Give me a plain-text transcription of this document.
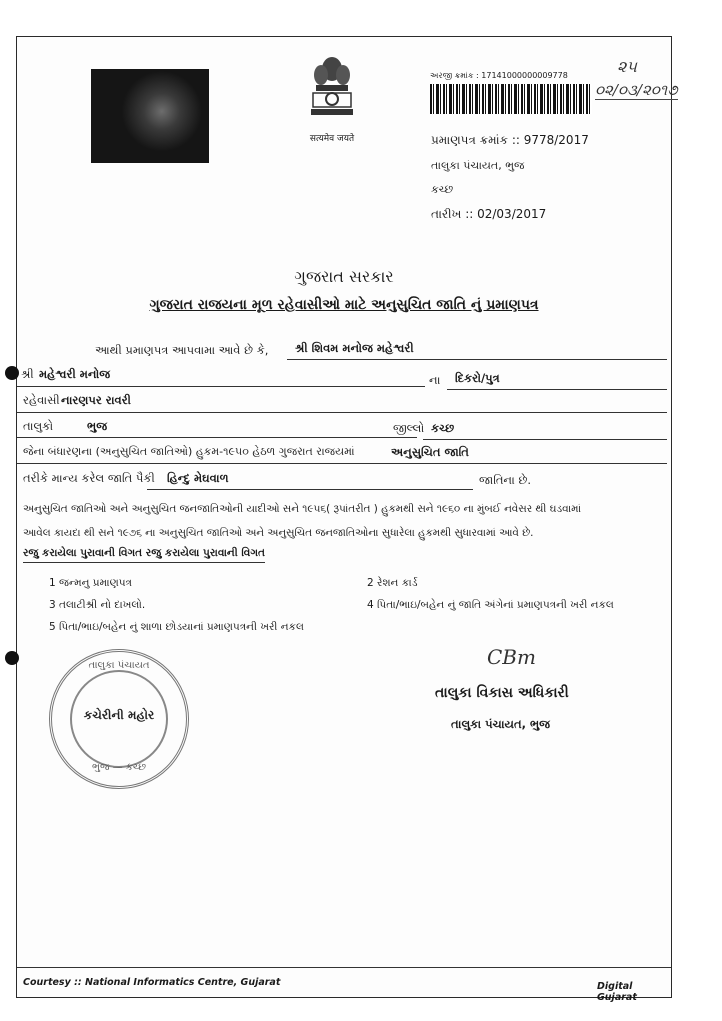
सत्यमेव जयते
અરજી ક્રમાંક : 17141000000009778	૨૫
૦૨/૦૩/૨૦૧૭
પ્રમાણપત્ર ક્રમાંક :: 9778/2017
તાલુકા પંચાયત, ભુજ
કચ્છ
તારીખ :: 02/03/2017
ગુજરાત સરકાર
ગુજરાત રાજયના મૂળ રહેવાસીઓ માટે અનુસુચિત જાતિ નું પ્રમાણપત્ર
આથી પ્રમાણપત્ર આપવામા આવે છે કે, શ્રી શિવમ મનોજ મહેશ્વરી
શ્રી મહેશ્વરી મનોજ	ના દિકરો/પુત્ર
રહેવાસી નારણપર રાવરી
તાલુકો	ભુજ	જીલ્લો કચ્છ
જેના બંધારણના (અનુસુચિત જાતિઓ) હુકમ-૧૯૫૦ હેઠળ ગુજરાત રાજયમાં	અનુસુચિત જાતિ
તરીકે માન્ય કરેલ જાતિ પૈકી હિન્દુ મેઘવાળ	જાતિના છે.
અનુસુચિત જાતિઓ અને અનુસુચિત જનજાતિઓની યાદીઓ સને ૧૯૫૬( રૂપાંતરીત ) હુકમથી સને ૧૯૬૦ ના મુંબઈ નવેસર થી ઘડવામાં
આવેલ કાયદા થી સને ૧૯૭૬ ના અનુસુચિત જાતિઓ અને અનુસુચિત જનજાતિઓના સુધારેલા હુકમથી સુધારવામાં આવે છે.
રજુ કરાયેલા પુરાવાની વિગત રજુ કરાયેલા પુરાવાની વિગત
1 જન્મનુ પ્રમાણપત્ર	2 રેશન કાર્ડ
3 તલાટીશ્રી નો દાખલો.	4 પિતા/ભાઇ/બહેન નું જાતિ અંગેનાં પ્રમાણપત્રની ખરી નકલ
5 પિતા/ભાઇ/બહેન નું શાળા છોડયાનાં પ્રમાણપત્રની ખરી નકલ
તાલુકા પંચાયત
કચેરીની મહોર
ભુજ — કચ્છ
CBm
તાલુકા વિકાસ અધિકારી
તાલુકા પંચાયત, ભુજ
Courtesy :: National Informatics Centre, Gujarat	Digital Gujarat
